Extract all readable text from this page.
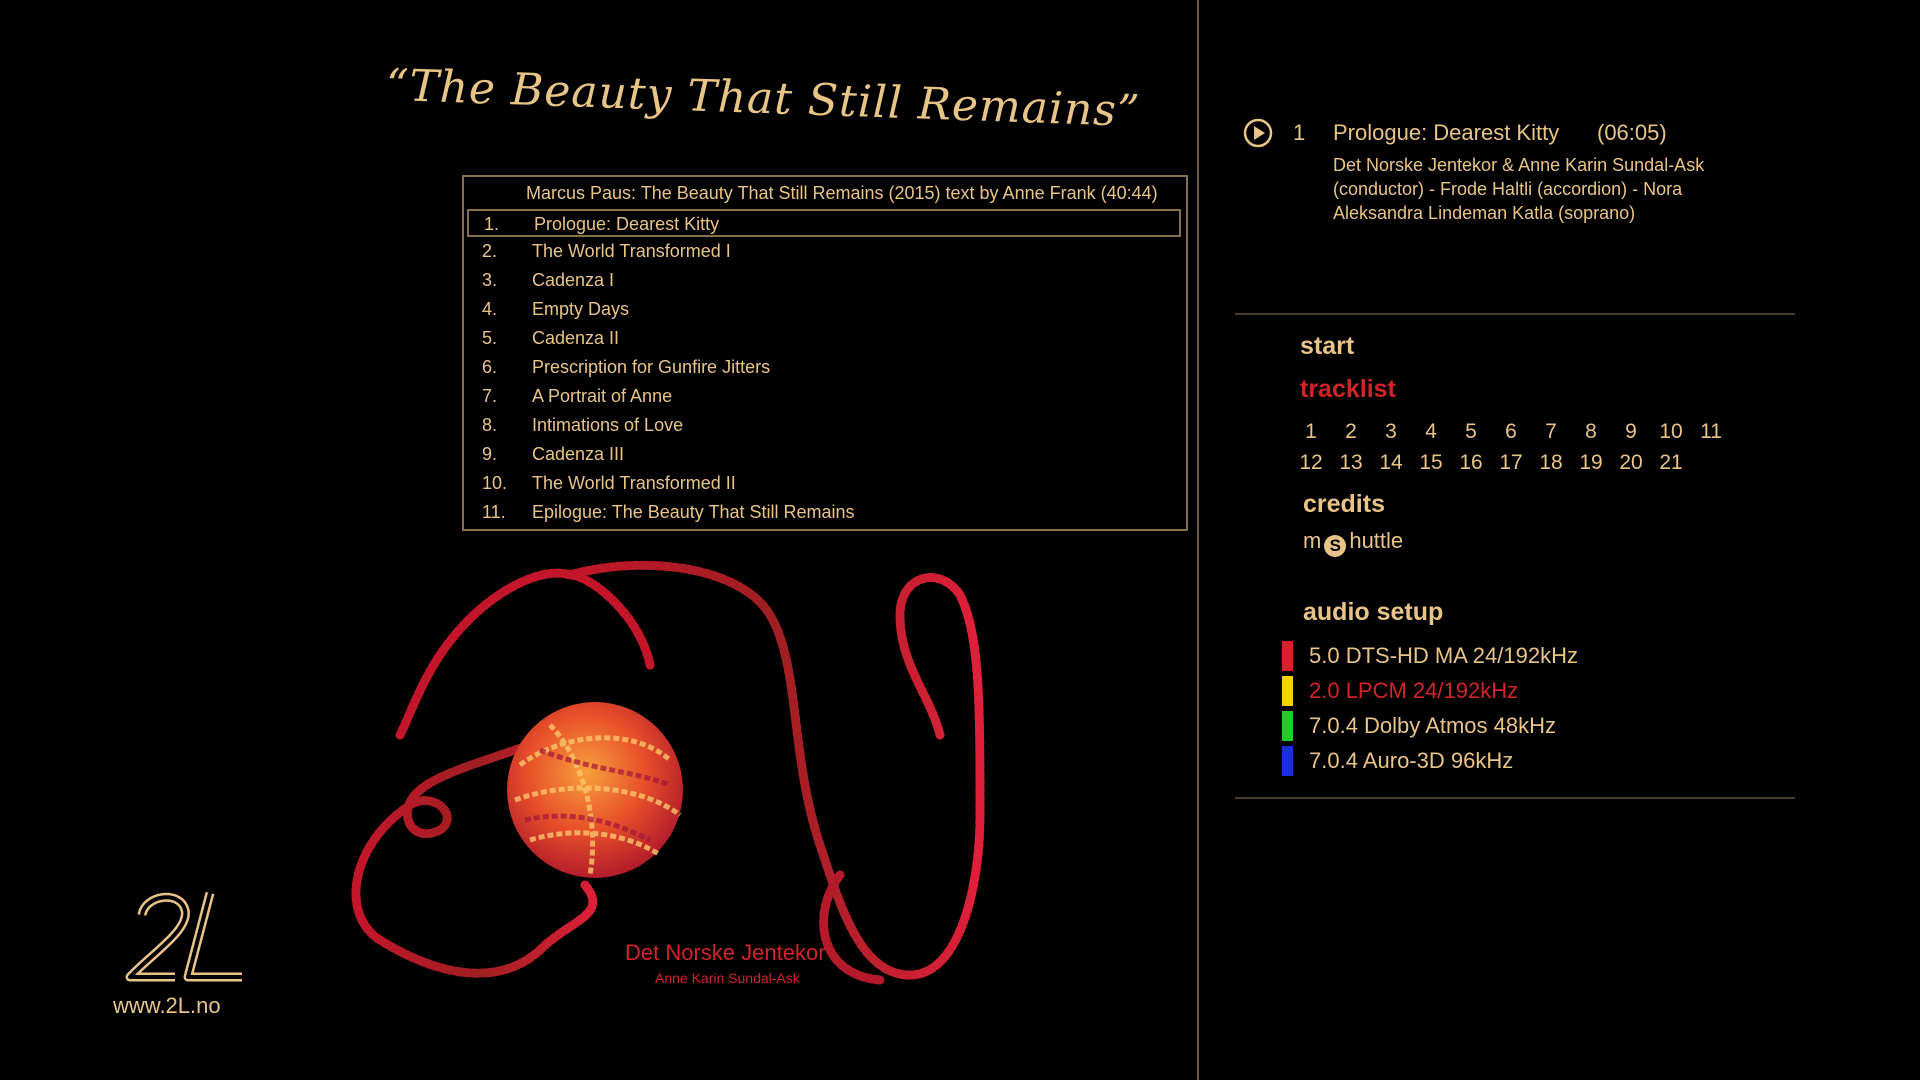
“The Beauty That Still Remains”
Marcus Paus: The Beauty That Still Remains (2015) text by Anne Frank (40:44)
1. Prologue: Dearest Kitty
2. The World Transformed I
3. Cadenza I
4. Empty Days
5. Cadenza II
6. Prescription for Gunfire Jitters
7. A Portrait of Anne
8. Intimations of Love
9. Cadenza III
10. The World Transformed II
11. Epilogue: The Beauty That Still Remains
Det Norske Jentekor
Anne Karin Sundal-Ask
www.2L.no
1 Prologue: Dearest Kitty (06:05)
Det Norske Jentekor & Anne Karin Sundal-Ask (conductor) - Frode Haltli (accordion) - Nora Aleksandra Lindeman Katla (soprano)
start
tracklist
1	2	3	4	5	6	7	8	9	10 11
12 13 14 15 16 17 18 19 20 21
credits
m S huttle
audio setup
5.0 DTS-HD MA 24/192kHz
2.0 LPCM 24/192kHz
7.0.4 Dolby Atmos 48kHz
7.0.4 Auro-3D 96kHz
